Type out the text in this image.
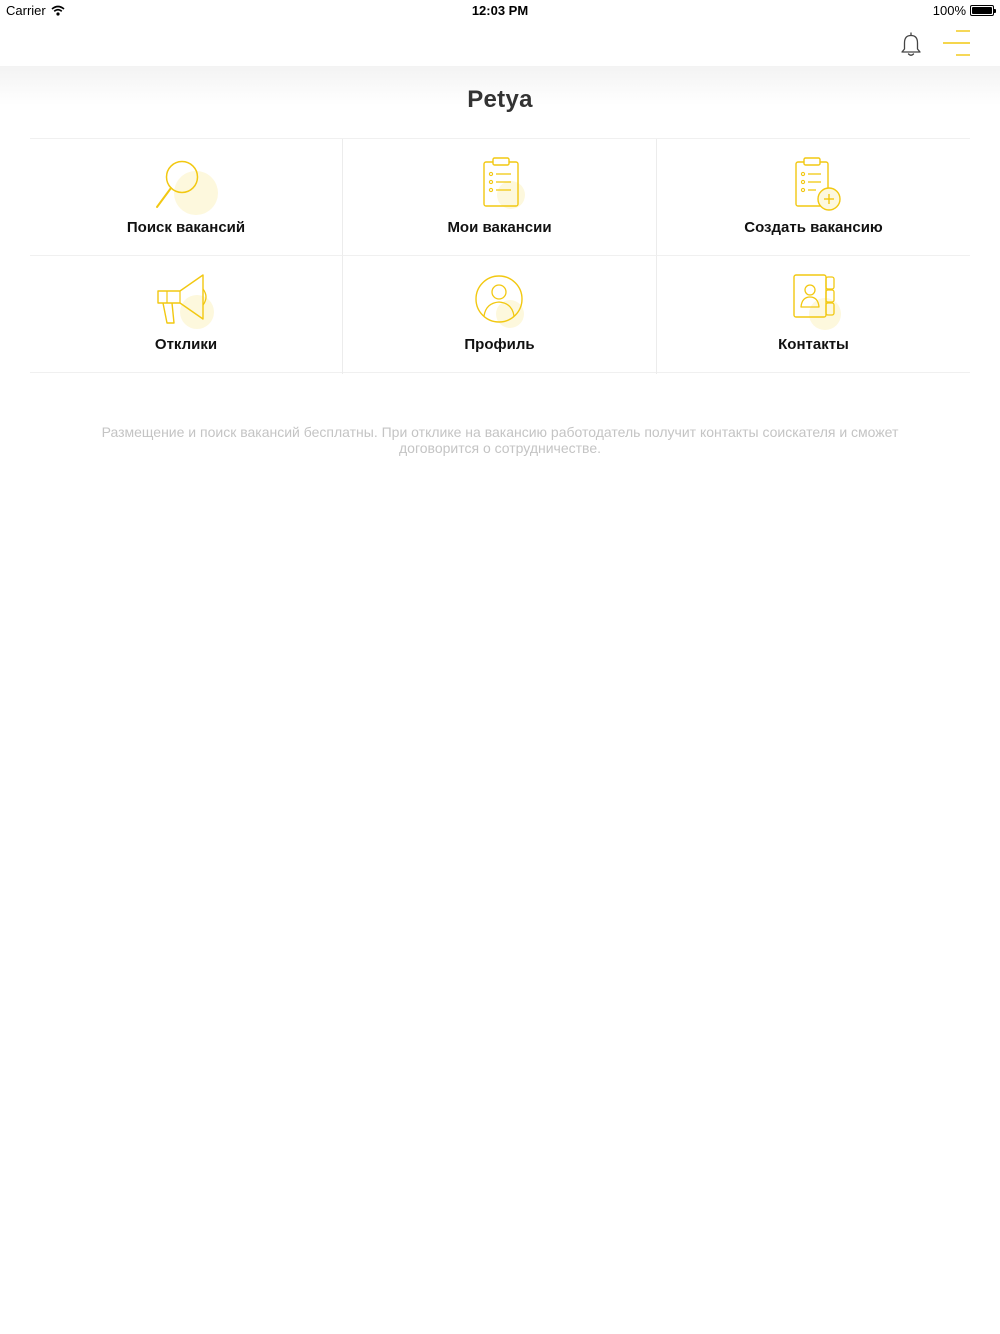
Carrier	12:03 PM	100%
Petya
Поиск вакансий	Мои вакансии	Создать вакансию
Отклики	Профиль	Контакты
Размещение и поиск вакансий бесплатны. При отклике на вакансию работодатель получит контакты соискателя и сможет договорится о сотрудничестве.
